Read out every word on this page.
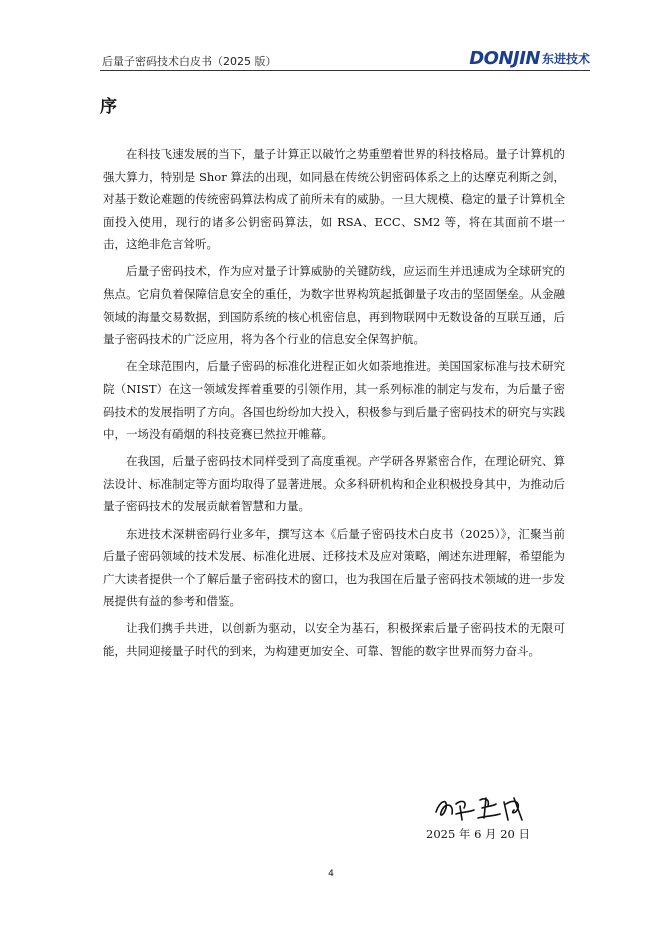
后量子密码技术白皮书（2025 版）	DONJIN 东进技术
序

在科技飞速发展的当下，量子计算正以破竹之势重塑着世界的科技格局。量子计算机的强大算力，特别是 Shor 算法的出现，如同悬在传统公钥密码体系之上的达摩克利斯之剑，对基于数论难题的传统密码算法构成了前所未有的威胁。一旦大规模、稳定的量子计算机全面投入使用，现行的诸多公钥密码算法，如 RSA、ECC、SM2 等，将在其面前不堪一击，这绝非危言耸听。

后量子密码技术，作为应对量子计算威胁的关键防线，应运而生并迅速成为全球研究的焦点。它肩负着保障信息安全的重任，为数字世界构筑起抵御量子攻击的坚固堡垒。从金融领域的海量交易数据，到国防系统的核心机密信息，再到物联网中无数设备的互联互通，后量子密码技术的广泛应用，将为各个行业的信息安全保驾护航。

在全球范围内，后量子密码的标准化进程正如火如荼地推进。美国国家标准与技术研究院（NIST）在这一领域发挥着重要的引领作用，其一系列标准的制定与发布，为后量子密码技术的发展指明了方向。各国也纷纷加大投入，积极参与到后量子密码技术的研究与实践中，一场没有硝烟的科技竞赛已然拉开帷幕。

在我国，后量子密码技术同样受到了高度重视。产学研各界紧密合作，在理论研究、算法设计、标准制定等方面均取得了显著进展。众多科研机构和企业积极投身其中，为推动后量子密码技术的发展贡献着智慧和力量。

东进技术深耕密码行业多年，撰写这本《后量子密码技术白皮书（2025）》，汇聚当前后量子密码领域的技术发展、标准化进展、迁移技术及应对策略，阐述东进理解，希望能为广大读者提供一个了解后量子密码技术的窗口，也为我国在后量子密码技术领域的进一步发展提供有益的参考和借鉴。

让我们携手共进，以创新为驱动，以安全为基石，积极探索后量子密码技术的无限可能，共同迎接量子时代的到来，为构建更加安全、可靠、智能的数字世界而努力奋斗。

2025 年 6 月 20 日
4
